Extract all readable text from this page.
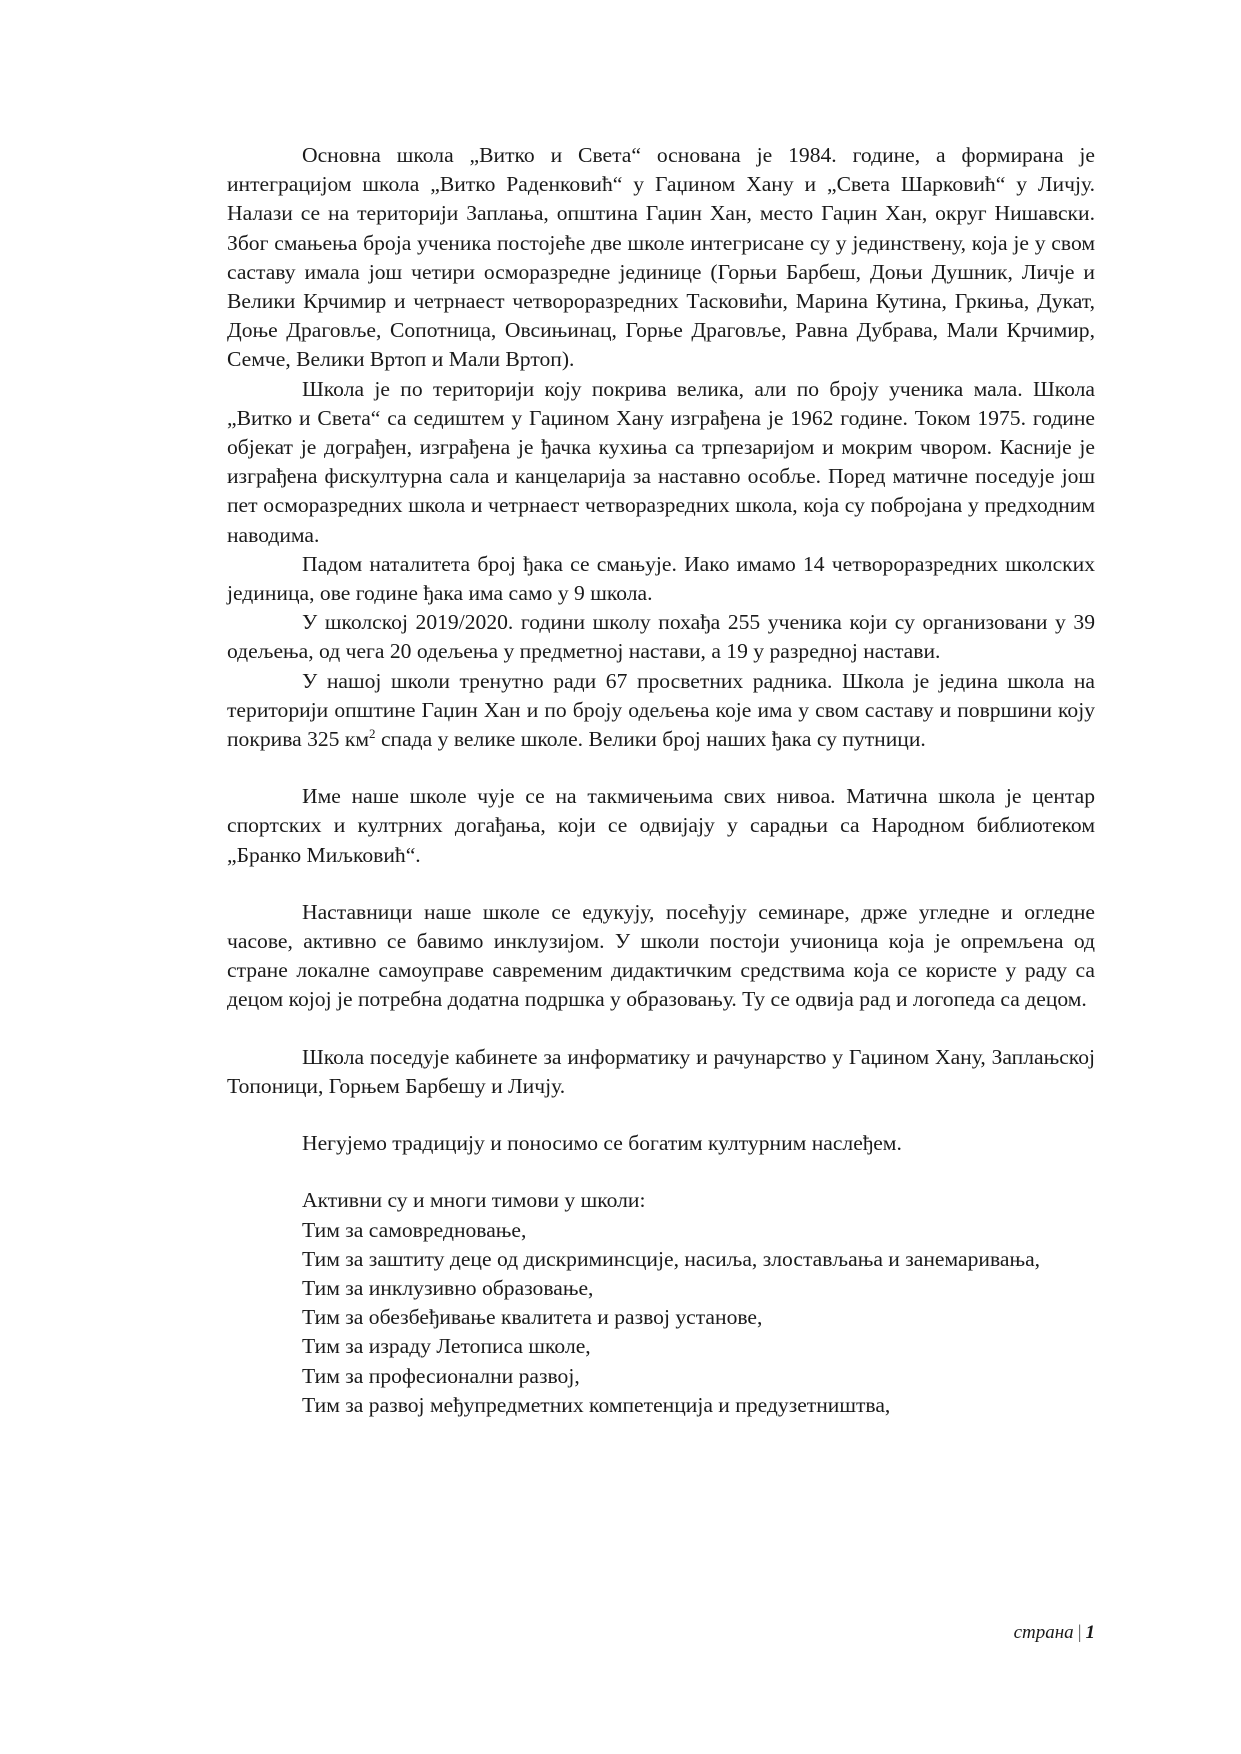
Основна школа „Витко и Света“ основана је 1984. године, а формирана је интеграцијом школа „Витко Раденковић“ у Гаџином Хану и „Света Шарковић“ у Личју. Налази се на територији Заплања, општина Гаџин Хан, место Гаџин Хан, округ Нишавски. Због смањења броја ученика постојеће две школе интегрисане су у јединствену, која је у свом саставу имала још четири осморазредне јединице (Горњи Барбеш, Доњи Душник, Личје и Велики Крчимир и четрнаест четвороразредних Тасковићи, Марина Кутина, Гркиња, Дукат, Доње Драговље, Сопотница, Овсињинац, Горње Драговље, Равна Дубрава, Мали Крчимир, Семче, Велики Вртоп и Мали Вртоп).

Школа је по територији коју покрива велика, али по броју ученика мала. Школа „Витко и Света“ са седиштем у Гаџином Хану изграђена је 1962 године. Током 1975. године објекат је дограђен, изграђена је ђачка кухиња са трпезаријом и мокрим чвором. Касније је изграђена фискултурна сала и канцеларија за наставно особље. Поред матичне поседује још пет осморазредних школа и четрнаест четворазредних школа, која су побројана у предходним наводима.

Падом наталитета број ђака се смањује. Иако имамо 14 четвороразредних школских јединица, ове године ђака има само у 9 школа.

У школској 2019/2020. години школу похађа 255 ученика који су организовани у 39 одељења, од чега 20 одељења у предметној настави, а 19 у разредној настави.

У нашој школи тренутно ради 67 просветних радника. Школа је једина школа на територији општине Гаџин Хан и по броју одељења које има у свом саставу и површини коју покрива 325 $км^2$ спада у велике школе. Велики број наших ђака су путници.

Име наше школе чује се на такмичењима свих нивоа. Матична школа је центар спортских и култрних догађања, који се одвијају у сарадњи са Народном библиотеком „Бранко Миљковић“.

Наставници наше школе се едукују, посећују семинаре, држе угледне и огледне часове, активно се бавимо инклузијом. У школи постоји учионица која је опремљена од стране локалне самоуправе савременим дидактичким средствима која се користе у раду са децом којој је потребна додатна подршка у образовању. Ту се одвија рад и логопеда са децом.

Школа поседује кабинете за информатику и рачунарство у Гаџином Хану, Заплањској Топоници, Горњем Барбешу и Личју.

Негујемо традицију и поносимо се богатим културним наслеђем.

Активни су и многи тимови у школи:

Тим за самовредновање,

Тим за заштиту деце од дискриминсције, насиља, злостављања и занемаривања,

Тим за инклузивно образовање,

Тим за обезбеђивање квалитета и развој установе,

Тим за израду Летописа школе,

Тим за професионални развој,

Тим за развој међупредметних компетенција и предузетништва,

страна | 1
